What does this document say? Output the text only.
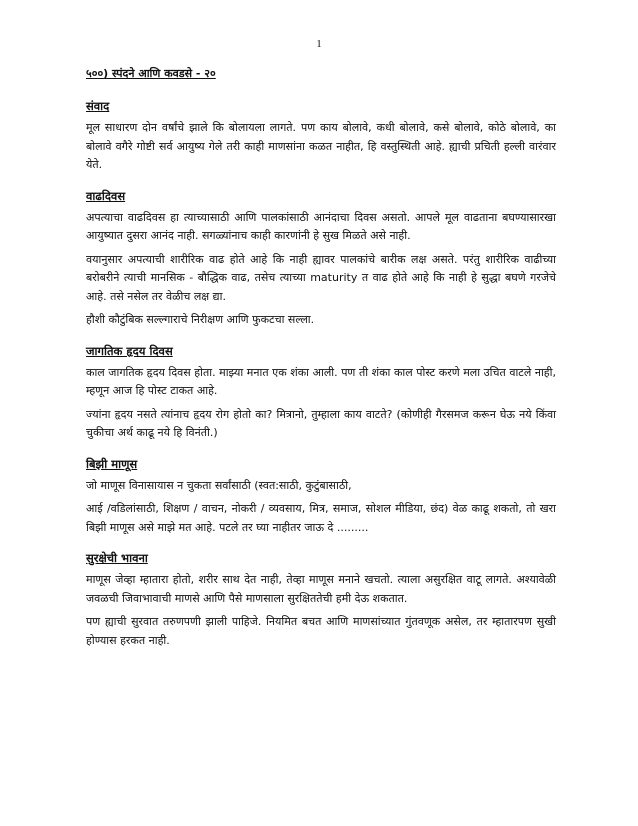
1

५००) स्पंदने आणि कवडसे - २०

संवाद

मूल साधारण दोन वर्षांचे झाले कि बोलायला लागते. पण काय बोलावे, कधी बोलावे, कसे बोलावे, कोठे बोलावे, का बोलावे वगैरे गोष्टी सर्व आयुष्य गेले तरी काही माणसांना कळत नाहीत, हि वस्तुस्थिती आहे. ह्याची प्रचिती हल्ली वारंवार येते.

वाढदिवस

अपत्याचा वाढदिवस हा त्याच्यासाठी आणि पालकांसाठी आनंदाचा दिवस असतो. आपले मूल वाढताना बघण्यासारखा आयुष्यात दुसरा आनंद नाही. सगळ्यांनाच काही कारणांनी हे सुख मिळते असे नाही.

वयानुसार अपत्याची शारीरिक वाढ होते आहे कि नाही ह्यावर पालकांचे बारीक लक्ष असते. परंतु शारीरिक वाढीच्या बरोबरीने त्याची मानसिक - बौद्धिक वाढ, तसेच त्याच्या maturity त वाढ होते आहे कि नाही हे सुद्धा बघणे गरजेचे आहे. तसे नसेल तर वेळीच लक्ष द्या.

हौशी कौटुंबिक सल्ल्गाराचे निरीक्षण आणि फुकटचा सल्ला.

जागतिक हृदय दिवस

काल जागतिक हृदय दिवस होता. माझ्या मनात एक शंका आली. पण ती शंका काल पोस्ट करणे मला उचित वाटले नाही, म्हणून आज हि पोस्ट टाकत आहे.

ज्यांना हृदय नसते त्यांनाच हृदय रोग होतो का? मित्रानो, तुम्हाला काय वाटते? (कोणीही गैरसमज करून घेऊ नये किंवा चुकीचा अर्थ काढू नये हि विनंती.)

बिझी माणूस

जो माणूस विनासायास न चुकता सर्वांसाठी (स्वत:साठी, कुटुंबासाठी,

आई /वडिलांसाठी, शिक्षण / वाचन, नोकरी / व्यवसाय, मित्र, समाज, सोशल मीडिया, छंद) वेळ काढू शकतो, तो खरा बिझी माणूस असे माझे मत आहे. पटले तर घ्या नाहीतर जाऊ दे .........

सुरक्षेची भावना

माणूस जेव्हा म्हातारा होतो, शरीर साथ देत नाही, तेव्हा माणूस मनाने खचतो. त्याला असुरक्षित वाटू लागते. अश्यावेळी जवळची जिवाभावाची माणसे आणि पैसे माणसाला सुरक्षिततेची हमी देऊ शकतात.

पण ह्याची सुरवात तरुणपणी झाली पाहिजे. नियमित बचत आणि माणसांच्यात गुंतवणूक असेल, तर म्हातारपण सुखी होण्यास हरकत नाही.
